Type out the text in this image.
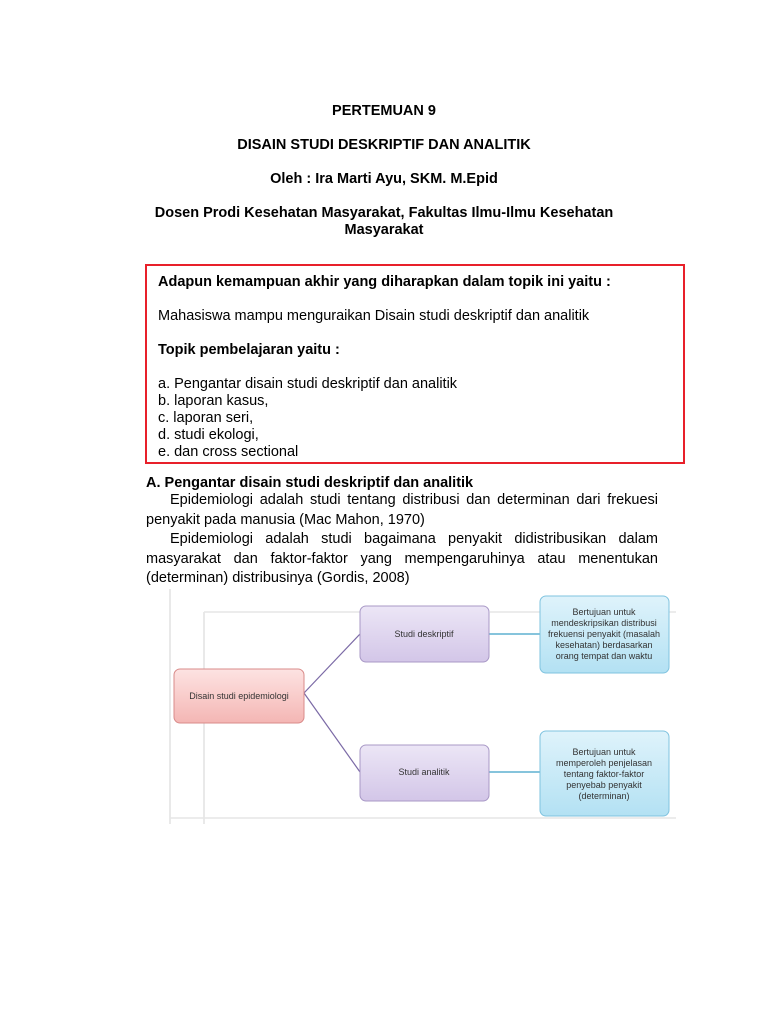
PERTEMUAN 9
DISAIN STUDI DESKRIPTIF DAN ANALITIK
Oleh : Ira Marti Ayu, SKM. M.Epid
Dosen Prodi Kesehatan Masyarakat, Fakultas Ilmu-Ilmu Kesehatan
Masyarakat

Adapun kemampuan akhir yang diharapkan dalam topik ini yaitu :

Mahasiswa mampu menguraikan Disain studi deskriptif dan analitik

Topik pembelajaran yaitu :

a. Pengantar disain studi deskriptif dan analitik
b. laporan kasus,
c. laporan seri,
d. studi ekologi,
e. dan cross sectional
A. Pengantar disain studi deskriptif dan analitik
Epidemiologi adalah studi tentang distribusi dan determinan dari frekuesi penyakit pada manusia (Mac Mahon, 1970)
Epidemiologi adalah studi bagaimana penyakit didistribusikan dalam masyarakat dan faktor-faktor yang mempengaruhinya atau menentukan (determinan) distribusinya (Gordis, 2008)
Disain studi epidemiologi
Studi deskriptif
Studi analitik
Bertujuan untuk
mendeskripsikan distribusi
frekuensi penyakit (masalah
kesehatan) berdasarkan
orang tempat dan waktu
Bertujuan untuk
memperoleh penjelasan
tentang faktor-faktor
penyebab penyakit
(determinan)
